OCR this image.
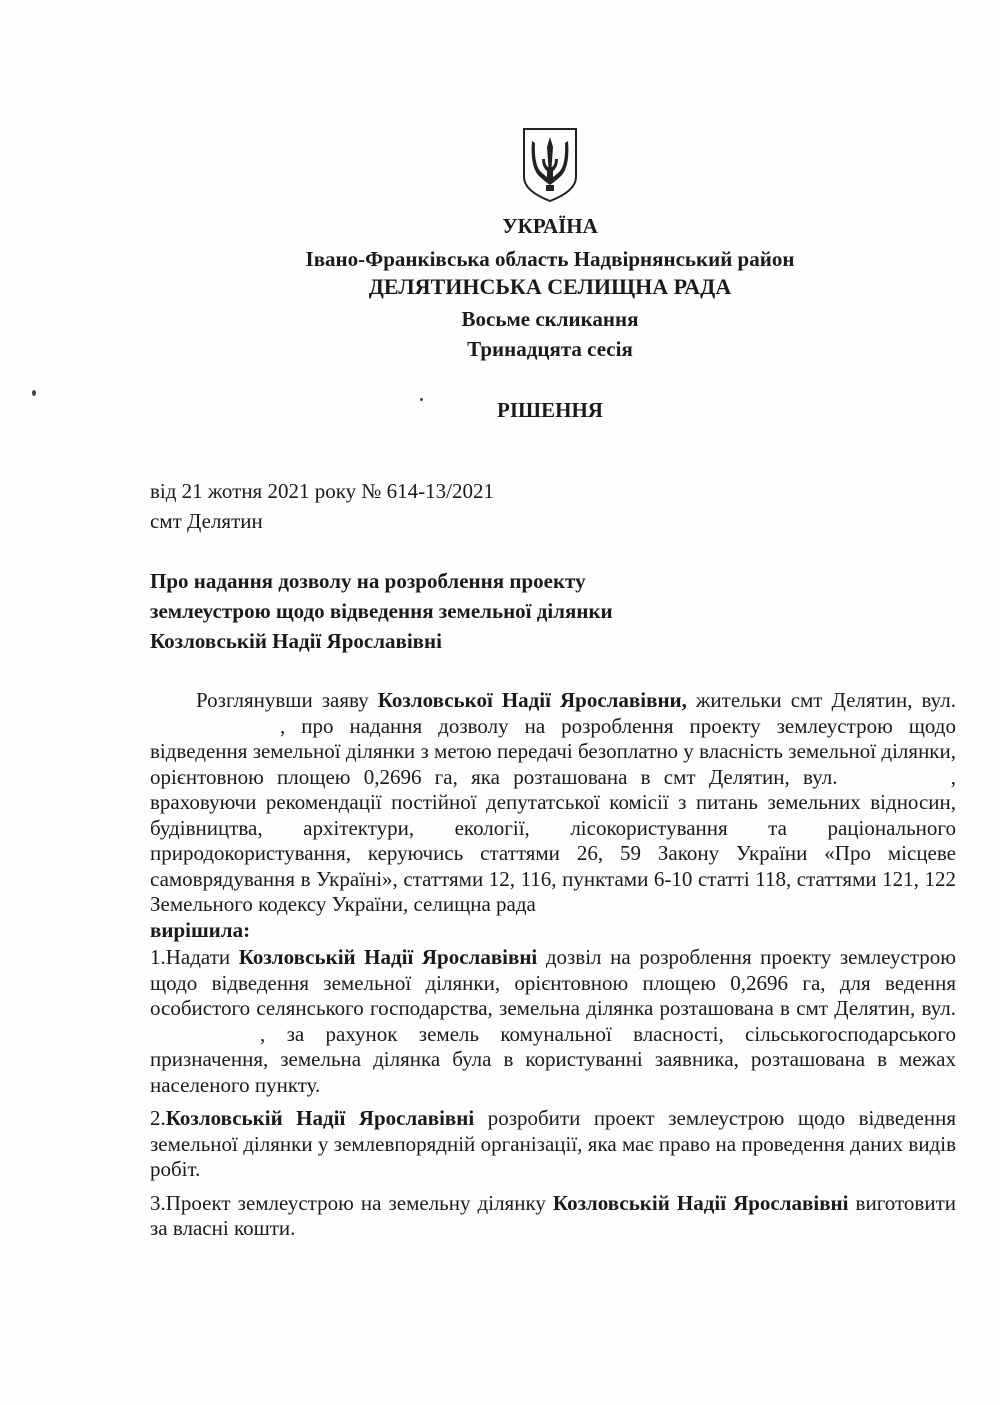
УКРАЇНА

Івано-Франківська область Надвірнянський район

ДЕЛЯТИНСЬКА СЕЛИЩНА РАДА

Восьме скликання

Тринадцята сесія

РІШЕННЯ

від 21 жотня 2021 року № 614-13/2021
смт Делятин
Про надання дозволу на розроблення проекту
землеустрою щодо відведення земельної ділянки
Козловській Надії Ярославівні

Розглянувши заяву Козловської Надії Ярославівни, жительки смт Делятин, вул. , про надання дозволу на розроблення проекту землеустрою щодо відведення земельної ділянки з метою передачі безоплатно у власність земельної ділянки, орієнтовною площею 0,2696 га, яка розташована в смт Делятин, вул.	, враховуючи рекомендації постійної депутатської комісії з питань земельних відносин, будівництва, архітектури, екології, лісокористування та раціонального природокористування, керуючись статтями 26, 59 Закону України «Про місцеве самоврядування в Україні», статтями 12, 116, пунктами 6-10 статті 118, статтями 121, 122 Земельного кодексу України, селищна рада

вирішила:

1.Надати Козловській Надії Ярославівні дозвіл на розроблення проекту землеустрою щодо відведення земельної ділянки, орієнтовною площею 0,2696 га, для ведення особистого селянського господарства, земельна ділянка розташована в смт Делятин, вул. , за рахунок земель комунальної власності, сільськогосподарського призначення, земельна ділянка була в користуванні заявника, розташована в межах населеного пункту.

2.Козловській Надії Ярославівні розробити проект землеустрою щодо відведення земельної ділянки у землевпорядній організації, яка має право на проведення даних видів робіт.

3.Проект землеустрою на земельну ділянку Козловській Надії Ярославівні виготовити за власні кошти.
